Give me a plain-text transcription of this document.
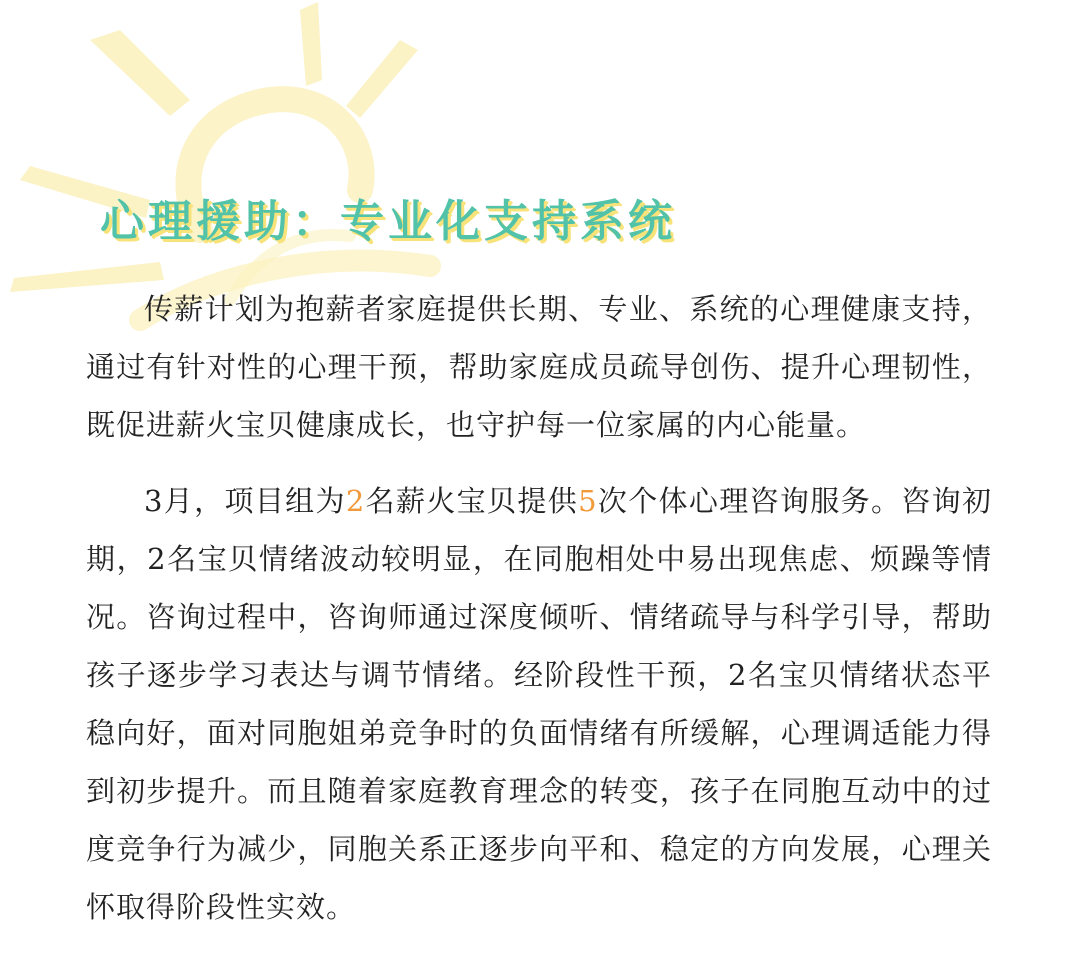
心理援助：专业化支持系统

传薪计划为抱薪者家庭提供长期、专业、系统的心理健康支持，通过有针对性的心理干预，帮助家庭成员疏导创伤、提升心理韧性，既促进薪火宝贝健康成长，也守护每一位家属的内心能量。

3月，项目组为2名薪火宝贝提供5次个体心理咨询服务。咨询初期，2名宝贝情绪波动较明显，在同胞相处中易出现焦虑、烦躁等情况。咨询过程中，咨询师通过深度倾听、情绪疏导与科学引导，帮助孩子逐步学习表达与调节情绪。经阶段性干预，2名宝贝情绪状态平稳向好，面对同胞姐弟竞争时的负面情绪有所缓解，心理调适能力得到初步提升。而且随着家庭教育理念的转变，孩子在同胞互动中的过度竞争行为减少，同胞关系正逐步向平和、稳定的方向发展，心理关怀取得阶段性实效。
